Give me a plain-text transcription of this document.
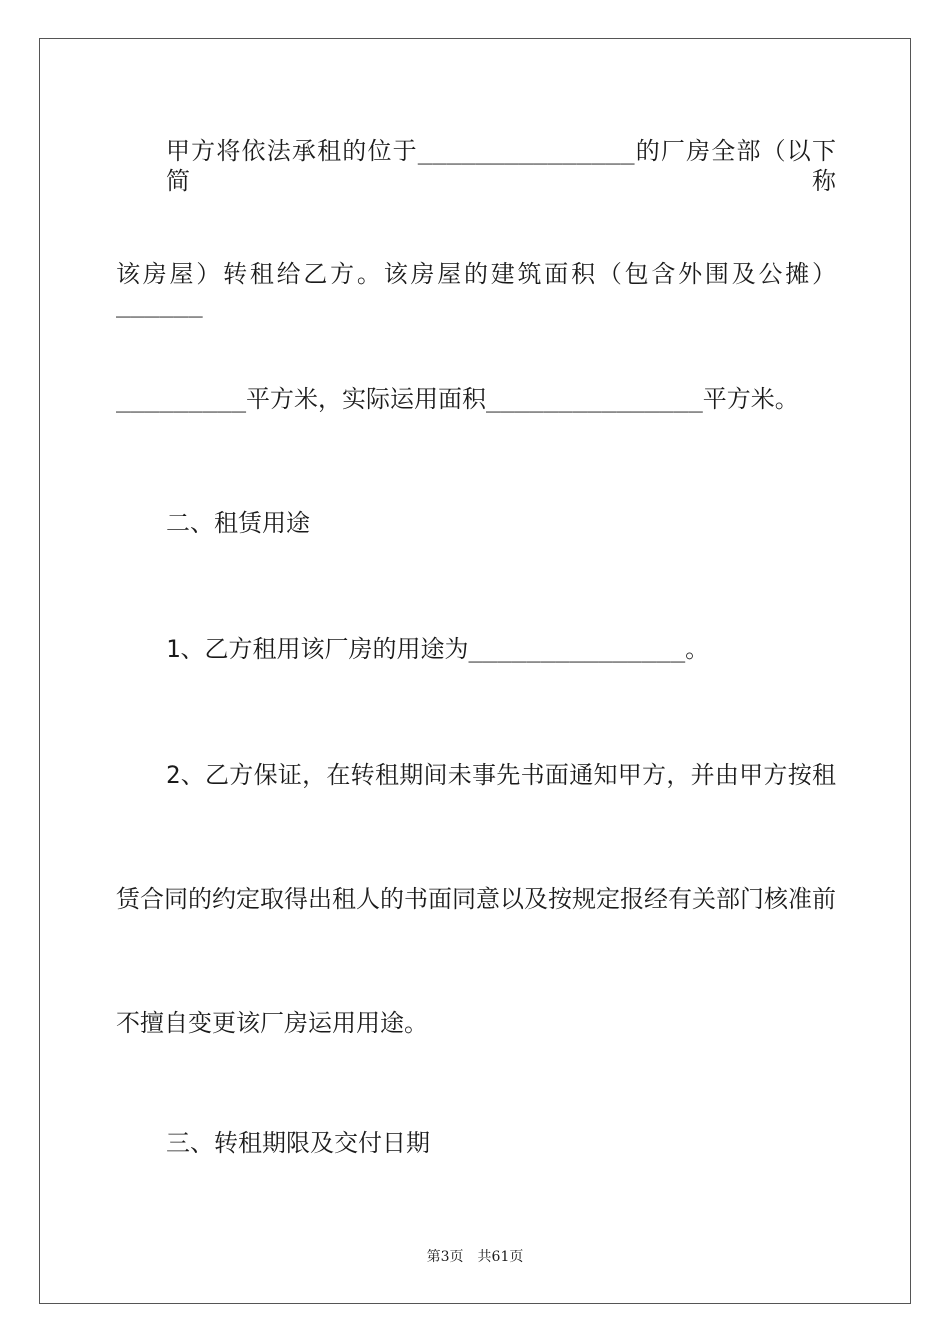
甲方将依法承租的位于_______________的厂房全部（以下简称
该房屋）转租给乙方。该房屋的建筑面积（包含外围及公摊）______
_________平方米，实际运用面积_______________平方米。
二、租赁用途
1、乙方租用该厂房的用途为_______________。
2、乙方保证，在转租期间未事先书面通知甲方，并由甲方按租
赁合同的约定取得出租人的书面同意以及按规定报经有关部门核准前
不擅自变更该厂房运用用途。
三、转租期限及交付日期
第3页 共61页
